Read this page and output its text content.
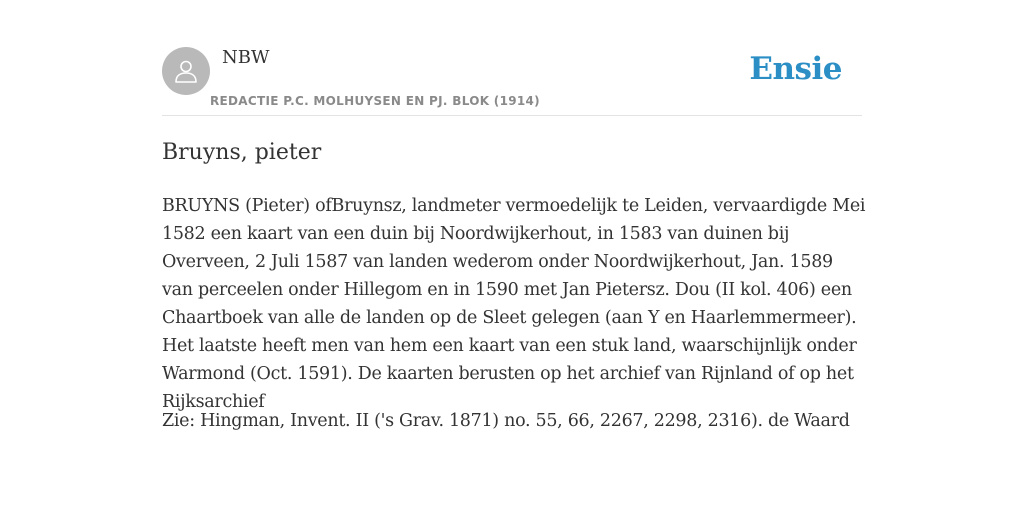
NBW
REDACTIE P.C. MOLHUYSEN EN PJ. BLOK (1914)
Ensie
Bruyns, pieter

BRUYNS (Pieter) ofBruynsz, landmeter vermoedelijk te Leiden, vervaardigde Mei 1582 een kaart van een duin bij Noordwijkerhout, in 1583 van duinen bij Overveen, 2 Juli 1587 van landen wederom onder Noordwijkerhout, Jan. 1589 van perceelen onder Hillegom en in 1590 met Jan Pietersz. Dou (II kol. 406) een Chaartboek van alle de landen op de Sleet gelegen (aan Y en Haarlemmermeer). Het laatste heeft men van hem een kaart van een stuk land, waarschijnlijk onder Warmond (Oct. 1591). De kaarten berusten op het archief van Rijnland of op het Rijksarchief

Zie: Hingman, Invent. II ('s Grav. 1871) no. 55, 66, 2267, 2298, 2316). de Waard
